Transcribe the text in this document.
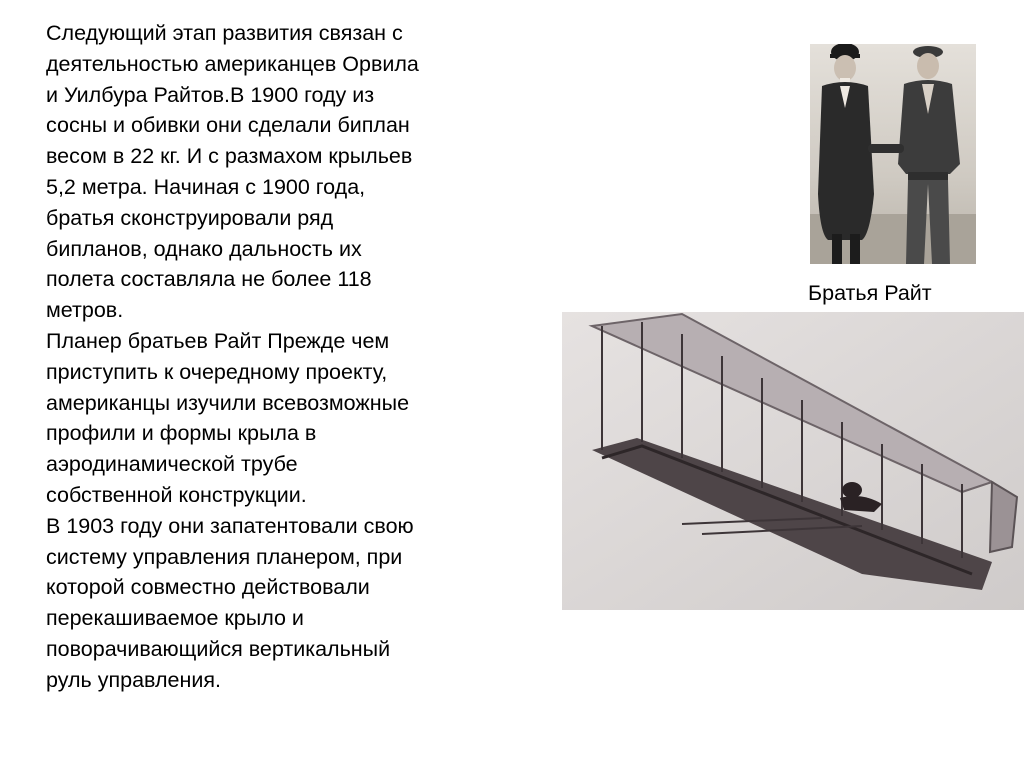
Следующий этап развития связан с
деятельностью американцев Орвила
и Уилбура Райтов.В 1900 году из
сосны и обивки они сделали биплан
весом в 22 кг. И с размахом крыльев
5,2 метра. Начиная с 1900 года,
братья сконструировали ряд
бипланов, однако дальность их
полета составляла не более 118
метров.

Планер братьев Райт Прежде чем
приступить к очередному проекту,
американцы изучили всевозможные
профили и формы крыла в
аэродинамической трубе
собственной конструкции.

В 1903 году они запатентовали свою
систему управления планером, при
которой совместно действовали
перекашиваемое крыло и
поворачивающийся вертикальный
руль управления.

Братья Райт
